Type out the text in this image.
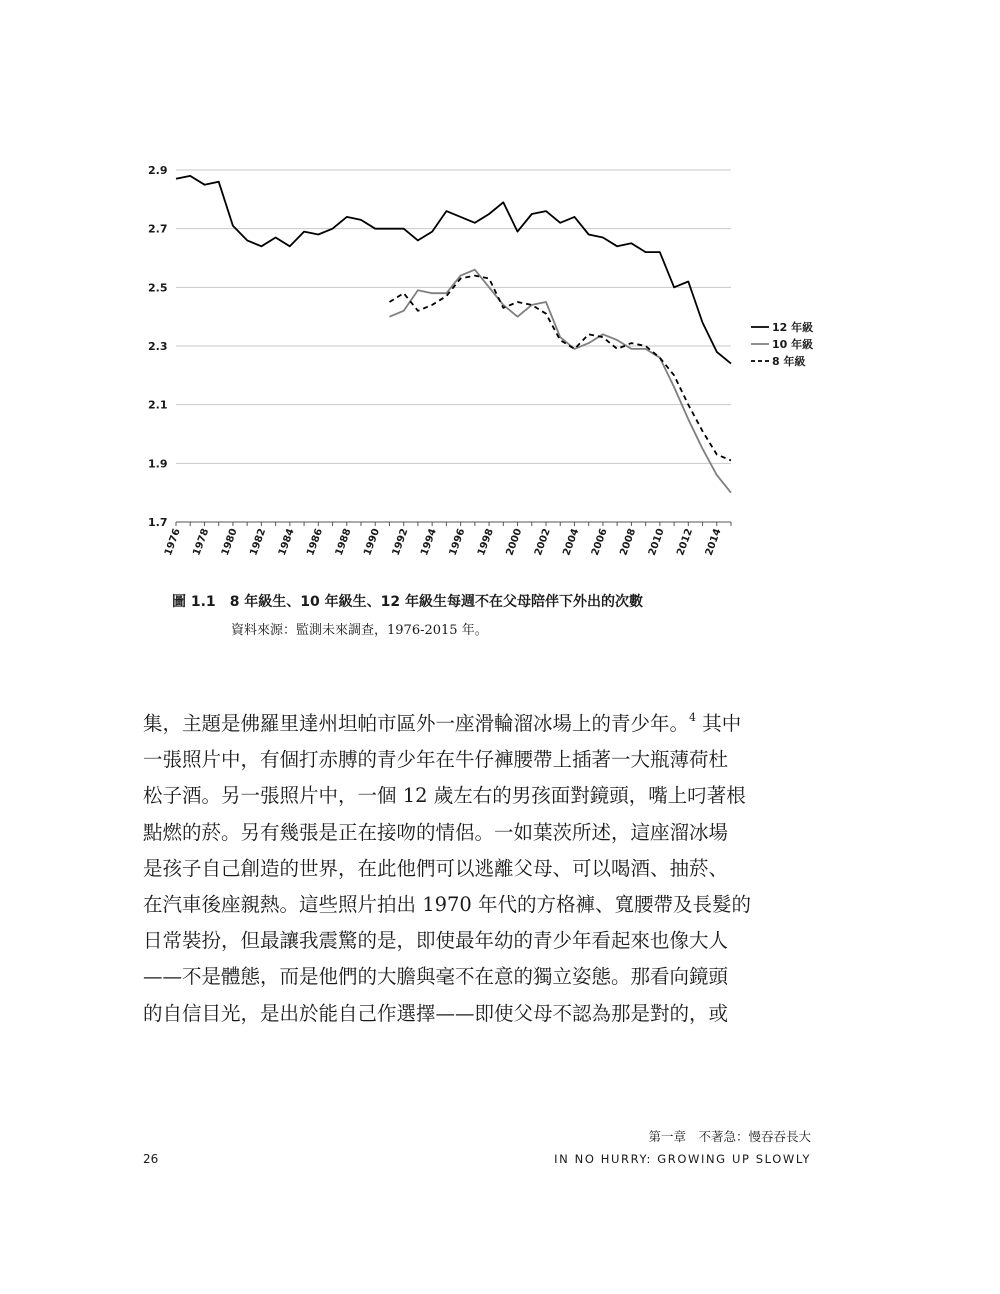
2.9
2.7
2.5
2.3
2.1
1.9
1.7
1976 1978 1980 1982 1984 1986 1988 1990 1992 1994 1996 1998 2000 2002 2004 2006 2008 2010 2012 2014
12 年級
10 年級
8 年級
圖 1.1 8 年級生、10 年級生、12 年級生每週不在父母陪伴下外出的次數
資料來源：監測未來調查，1976-2015 年。
集，主題是佛羅里達州坦帕市區外一座滑輪溜冰場上的青少年。$^4$ 其中
一張照片中，有個打赤膊的青少年在牛仔褲腰帶上插著一大瓶薄荷杜
松子酒。另一張照片中，一個 12 歲左右的男孩面對鏡頭，嘴上叼著根
點燃的菸。另有幾張是正在接吻的情侶。一如葉茨所述，這座溜冰場
是孩子自己創造的世界，在此他們可以逃離父母、可以喝酒、抽菸、
在汽車後座親熱。這些照片拍出 1970 年代的方格褲、寬腰帶及長髮的
日常裝扮，但最讓我震驚的是，即使最年幼的青少年看起來也像大人
——不是體態，而是他們的大膽與毫不在意的獨立姿態。那看向鏡頭
的自信目光，是出於能自己作選擇——即使父母不認為那是對的，或
第一章　不著急：慢吞吞長大
IN NO HURRY: GROWING UP SLOWLY
26
